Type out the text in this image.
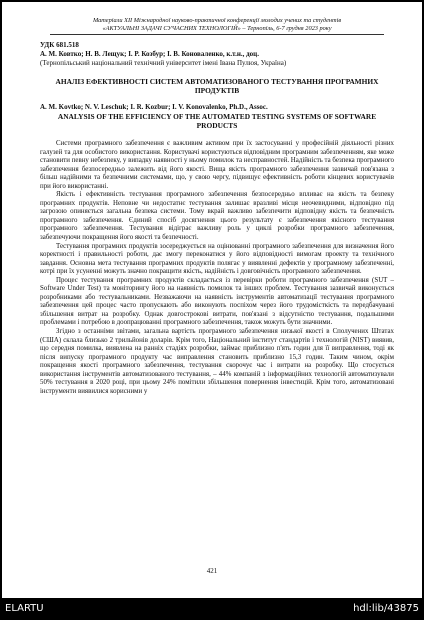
Матеріали XII Міжнародної науково-практичної конференції молодих учених та студентів
«АКТУАЛЬНІ ЗАДАЧІ СУЧАСНИХ ТЕХНОЛОГІЙ» – Тернопіль, 6-7 грудня 2023 року
УДК 681.518
А. М. Ковтко; Н. В. Лещук; І. Р. Козбур; І. В. Коноваленко, к.т.н., доц.
(Тернопільський національний технічний університет імені Івана Пулюя, Україна)
АНАЛІЗ ЕФЕКТИВНОСТІ СИСТЕМ АВТОМАТИЗОВАНОГО ТЕСТУВАННЯ ПРОГРАМНИХ ПРОДУКТІВ
A. M. Kovtko; N. V. Leschuk; I. R. Kozbur; I. V. Konovalenko, Ph.D., Assoc.
ANALYSIS OF THE EFFICIENCY OF THE AUTOMATED TESTING SYSTEMS OF SOFTWARE PRODUCTS

Системи програмного забезпечення є важливим активом при їх застосуванні у професійній діяльності різних галузей та для особистого використання. Користувачі користуються відповідним програмним забезпеченням, яке може становити певну небезпеку, у випадку наявності у ньому помилок та несправностей. Надійність та безпека програмного забезпечення безпосередньо залежить від його якості. Вища якість програмного забезпечення зазвичай пов'язана з більш надійними та безпечними системами, що, у свою чергу, підвищує ефективність роботи кінцевих користувачів при його використанні.

Якість і ефективність тестування програмного забезпечення безпосередньо впливає на якість та безпеку програмних продуктів. Неповне чи недостатнє тестування залишає вразливі місця неочевидними, відповідно під загрозою опиняється загальна безпека системи. Тому вкрай важливо забезпечити відповідну якість та безпечність програмного забезпечення. Єдиний спосіб досягнення цього результату є забезпечення якісного тестування програмного забезпечення. Тестування відіграє важливу роль у циклі розробки програмного забезпечення, забезпечуючи покращення його якості та безпечності.

Тестування програмних продуктів зосереджується на оцінюванні програмного забезпечення для визначення його коректності і правильності роботи, дає змогу переконатися у його відповідності вимогам проекту та технічного завдання. Основна мета тестування програмних продуктів полягає у виявленні дефектів у програмному забезпеченні, котрі при їх усуненні можуть значно покращити якість, надійність і довговічність програмного забезпечення.

Процес тестування програмних продуктів складається із перевірки роботи програмного забезпечення (SUT – Software Under Test) та моніторингу його на наявність помилок та інших проблем. Тестування зазвичай виконується розробниками або тестувальниками. Незважаючи на наявність інструментів автоматизації тестування програмного забезпечення цей процес часто пропускають або виконують поспіхом через його трудомісткість та передбачувані збільшення витрат на розробку. Однак довгострокові витрати, пов'язані з відсутністю тестування, подальшими проблемами і потребою в доопрацюванні програмного забезпечення, також можуть бути значними.

Згідно з останніми звітами, загальна вартість програмного забезпечення низької якості в Сполучених Штатах (США) склала близько 2 трильйонів доларів. Крім того, Національний інститут стандартів і технологій (NIST) виявив, що середня помилка, виявлена на ранніх стадіях розробки, займає приблизно п'ять годин для її виправлення, тоді як після випуску програмного продукту час виправлення становить приблизно 15,3 годин. Таким чином, окрім покращення якості програмного забезпечення, тестування скорочує час і витрати на розробку. Що стосується використання інструментів автоматизованого тестування, – 44% компаній з інформаційних технологій автоматизували 50% тестування в 2020 році, при цьому 24% помітили збільшення повернення інвестицій. Крім того, автоматизовані інструменти виявилися корисними у

421
ELARTU	hdl:lib/43875
